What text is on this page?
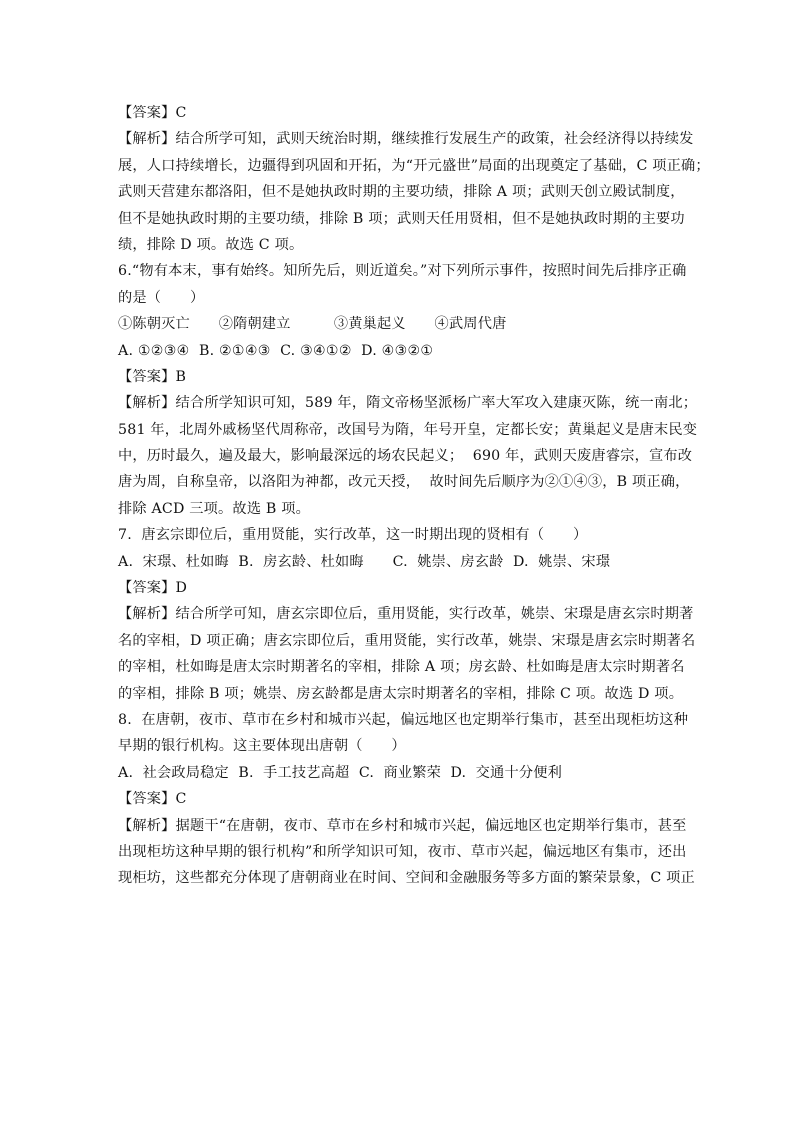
【答案】C
【解析】结合所学可知，武则天统治时期，继续推行发展生产的政策，社会经济得以持续发
展，人口持续增长，边疆得到巩固和开拓，为“开元盛世”局面的出现奠定了基础，C 项正确；
武则天营建东都洛阳，但不是她执政时期的主要功绩，排除 A 项；武则天创立殿试制度，
但不是她执政时期的主要功绩，排除 B 项；武则天任用贤相，但不是她执政时期的主要功
绩，排除 D 项。故选 C 项。
6.“物有本末，事有始终。知所先后，则近道矣。”对下列所示事件，按照时间先后排序正确
的是（　　）
①陈朝灭亡　　②隋朝建立　　　③黄巢起义　　④武周代唐
A. ①②③④  B. ②①④③  C. ③④①②  D. ④③②①
【答案】B
【解析】结合所学知识可知，589 年，隋文帝杨坚派杨广率大军攻入建康灭陈，统一南北；
581 年，北周外戚杨坚代周称帝，改国号为隋，年号开皇，定都长安；黄巢起义是唐末民变
中，历时最久，遍及最大，影响最深远的场农民起义；  690 年，武则天废唐睿宗，宣布改
唐为周，自称皇帝，以洛阳为神都，改元天授，  故时间先后顺序为②①④③，B 项正确，
排除 ACD 三项。故选 B 项。
7.  唐玄宗即位后，重用贤能，实行改革，这一时期出现的贤相有（　　）
A.  宋璟、杜如晦  B.  房玄龄、杜如晦　　C.  姚崇、房玄龄  D.  姚崇、宋璟
【答案】D
【解析】结合所学可知，唐玄宗即位后，重用贤能，实行改革，姚崇、宋璟是唐玄宗时期著
名的宰相，D 项正确；唐玄宗即位后，重用贤能，实行改革，姚崇、宋璟是唐玄宗时期著名
的宰相，杜如晦是唐太宗时期著名的宰相，排除 A 项；房玄龄、杜如晦是唐太宗时期著名
的宰相，排除 B 项；姚崇、房玄龄都是唐太宗时期著名的宰相，排除 C 项。故选 D 项。
8.  在唐朝，夜市、草市在乡村和城市兴起，偏远地区也定期举行集市，甚至出现柜坊这种
早期的银行机构。这主要体现出唐朝（　　）
A.  社会政局稳定  B.  手工技艺高超  C.  商业繁荣  D.  交通十分便利
【答案】C
【解析】据题干“在唐朝，夜市、草市在乡村和城市兴起，偏远地区也定期举行集市，甚至
出现柜坊这种早期的银行机构”和所学知识可知，夜市、草市兴起，偏远地区有集市，还出
现柜坊，这些都充分体现了唐朝商业在时间、空间和金融服务等多方面的繁荣景象，C 项正
